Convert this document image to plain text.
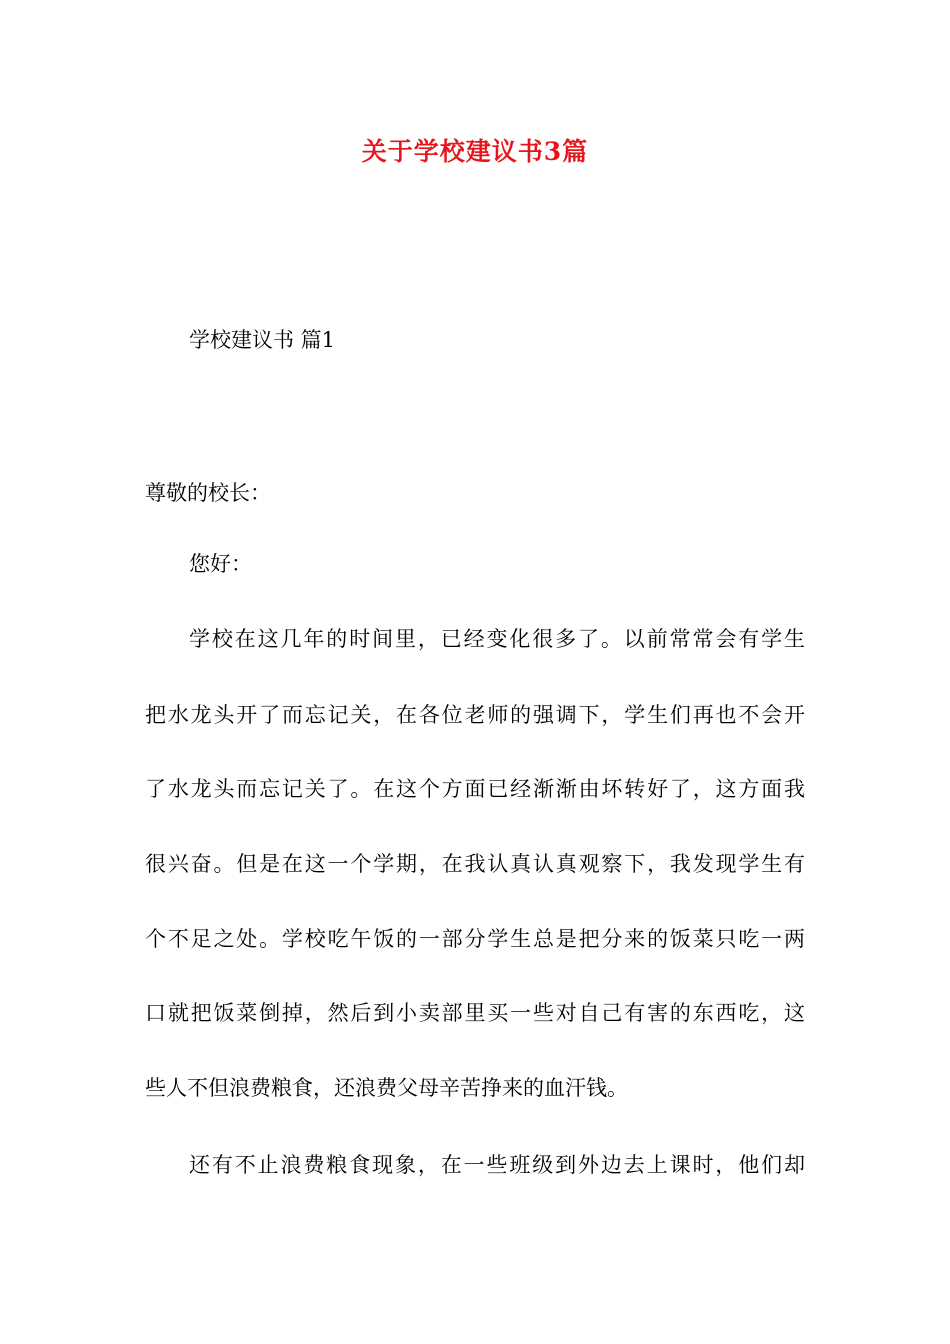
关于学校建议书3篇
学校建议书 篇1
尊敬的校长：
您好：
学校在这几年的时间里，已经变化很多了。以前常常会有学生
把水龙头开了而忘记关，在各位老师的强调下，学生们再也不会开
了水龙头而忘记关了。在这个方面已经渐渐由坏转好了，这方面我
很兴奋。但是在这一个学期，在我认真认真观察下，我发现学生有
个不足之处。学校吃午饭的一部分学生总是把分来的饭菜只吃一两
口就把饭菜倒掉，然后到小卖部里买一些对自己有害的东西吃，这
些人不但浪费粮食，还浪费父母辛苦挣来的血汗钱。
还有不止浪费粮食现象，在一些班级到外边去上课时，他们却
